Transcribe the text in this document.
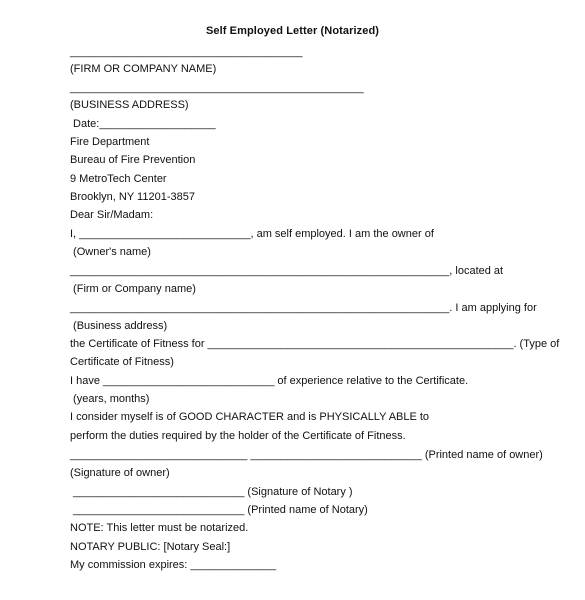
Self Employed Letter (Notarized)
______________________________________
(FIRM OR COMPANY NAME)
________________________________________________
(BUSINESS ADDRESS)
Date:___________________
Fire Department
Bureau of Fire Prevention
9 MetroTech Center
Brooklyn, NY 11201-3857
Dear Sir/Madam:
I, ____________________________, am self employed. I am the owner of
(Owner's name)
______________________________________________________________, located at
(Firm or Company name)
______________________________________________________________. I am applying for
(Business address)
the Certificate of Fitness for __________________________________________________. (Type of
Certificate of Fitness)
I have ____________________________ of experience relative to the Certificate.
(years, months)
I consider myself is of GOOD CHARACTER and is PHYSICALLY ABLE to
perform the duties required by the holder of the Certificate of Fitness.
_____________________________ ____________________________ (Printed name of owner)
(Signature of owner)
____________________________ (Signature of Notary )
____________________________ (Printed name of Notary)
NOTE: This letter must be notarized.
NOTARY PUBLIC: [Notary Seal:]
My commission expires: ______________
